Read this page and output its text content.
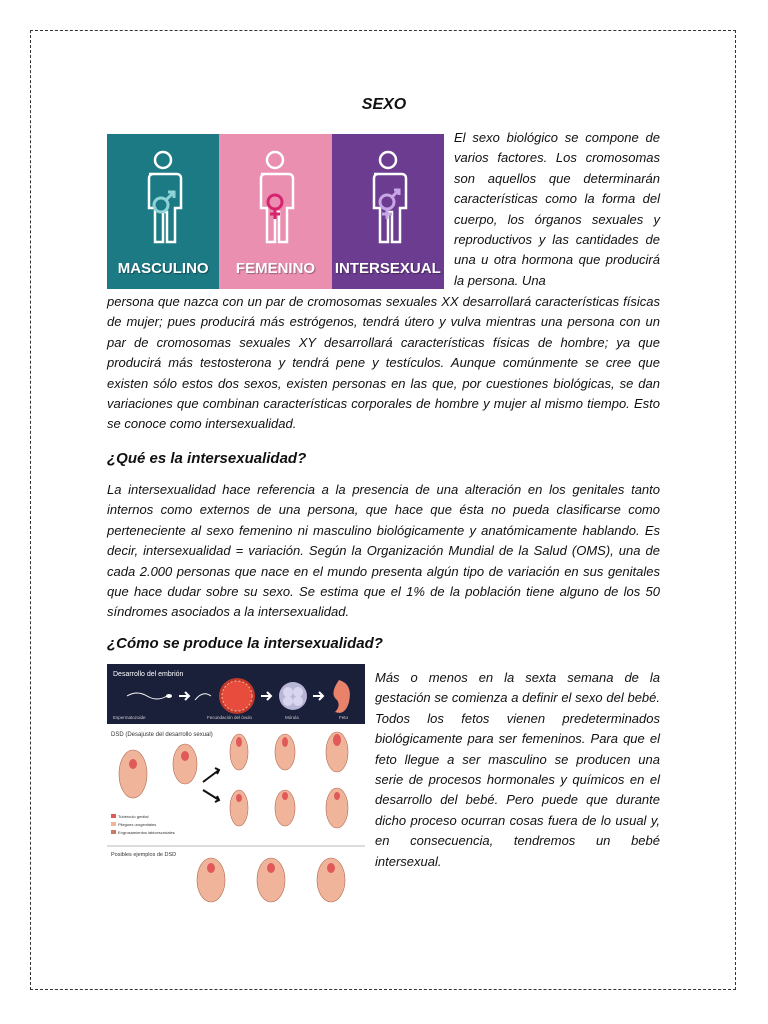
SEXO
MASCULINO FEMENINO INTERSEXUAL

El sexo biológico se compone de varios factores. Los cromosomas son aquellos que determinarán características como la forma del cuerpo, los órganos sexuales y reproductivos y las cantidades de una u otra hormona que producirá la persona. Una

persona que nazca con un par de cromosomas sexuales XX desarrollará características físicas de mujer; pues producirá más estrógenos, tendrá útero y vulva mientras una persona con un par de cromosomas sexuales XY desarrollará características físicas de hombre; ya que producirá más testosterona y tendrá pene y testículos. Aunque comúnmente se cree que existen sólo estos dos sexos, existen personas en las que, por cuestiones biológicas, se dan variaciones que combinan características corporales de hombre y mujer al mismo tiempo. Esto se conoce como intersexualidad.

¿Qué es la intersexualidad?

La intersexualidad hace referencia a la presencia de una alteración en los genitales tanto internos como externos de una persona, que hace que ésta no pueda clasificarse como perteneciente al sexo femenino ni masculino biológicamente y anatómicamente hablando. Es decir, intersexualidad = variación. Según la Organización Mundial de la Salud (OMS), una de cada 2.000 personas que nace en el mundo presenta algún tipo de variación en sus genitales que hace dudar sobre su sexo. Se estima que el 1% de la población tiene alguno de los 50 síndromes asociados a la intersexualidad.

¿Cómo se produce la intersexualidad?
Desarrollo del embrión
Espermatozoide	Fecundación del óvulo	Mórula	Feto
DSD (Desajuste del desarrollo sexual)
Tubérculo genital
Pliegues urogenitales
Engrosamientos labioescrotales
Posibles ejemplos de DSD

Más o menos en la sexta semana de la gestación se comienza a definir el sexo del bebé. Todos los fetos vienen predeterminados biológicamente para ser femeninos. Para que el feto llegue a ser masculino se producen una serie de procesos hormonales y químicos en el desarrollo del bebé. Pero puede que durante dicho proceso ocurran cosas fuera de lo usual y, en consecuencia, tendremos un bebé intersexual.
